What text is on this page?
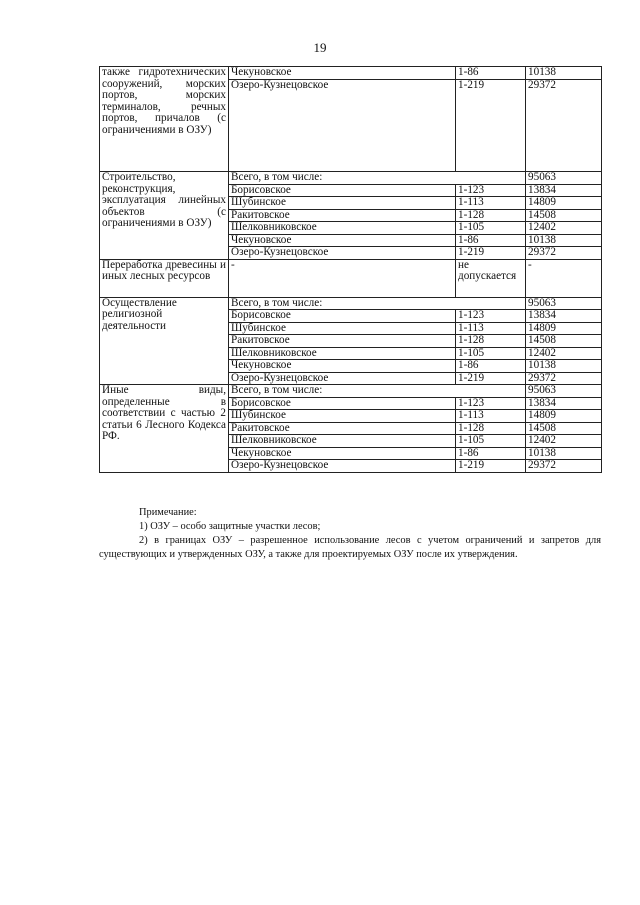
19
также гидротехнических сооружений, морских портов, морских терминалов, речных портов, причалов (с ограничениями в ОЗУ)	Чекуновское	1-86	10138
	Озеро-Кузнецовское	1-219	29372

Строительство, реконструкция, эксплуатация линейных объектов (с ограничениями в ОЗУ)	Всего, в том числе:		95063
	Борисовское	1-123	13834
	Шубинское	1-113	14809
	Ракитовское	1-128	14508
	Шелковниковское	1-105	12402
	Чекуновское	1-86	10138
	Озеро-Кузнецовское	1-219	29372

Переработка древесины и иных лесных ресурсов	-	не допускается	-

Осуществление религиозной деятельности	Всего, в том числе:		95063
	Борисовское	1-123	13834
	Шубинское	1-113	14809
	Ракитовское	1-128	14508
	Шелковниковское	1-105	12402
	Чекуновское	1-86	10138
	Озеро-Кузнецовское	1-219	29372

Иные виды, определенные в соответствии с частью 2 статьи 6 Лесного Кодекса РФ.	Всего, в том числе:		95063
	Борисовское	1-123	13834
	Шубинское	1-113	14809
	Ракитовское	1-128	14508
	Шелковниковское	1-105	12402
	Чекуновское	1-86	10138
	Озеро-Кузнецовское	1-219	29372

Примечание:

1) ОЗУ – особо защитные участки лесов;

2) в границах ОЗУ – разрешенное использование лесов с учетом ограничений и запретов для существующих и утвержденных ОЗУ, а также для проектируемых ОЗУ после их утверждения.
